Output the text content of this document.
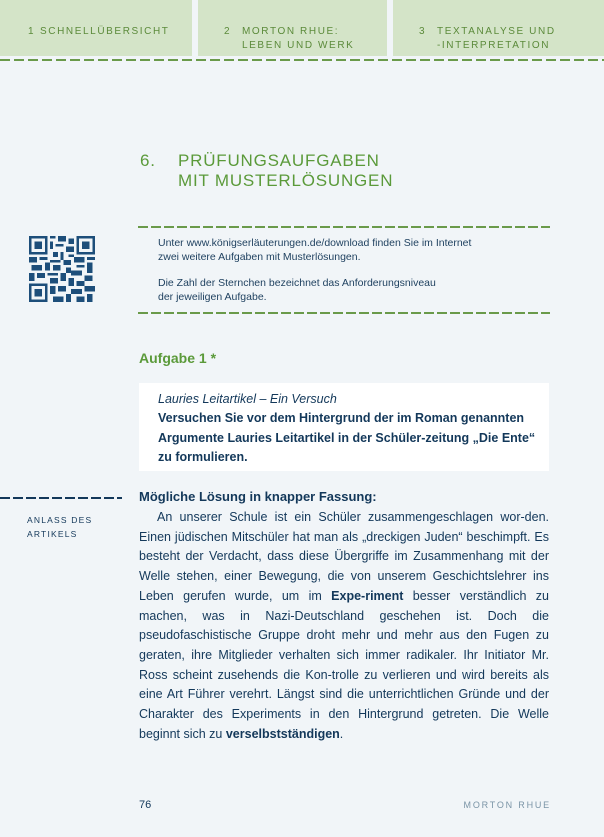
1 SCHNELLÜBERSICHT	2 MORTON RHUE:
LEBEN UND WERK
3 TEXTANALYSE UND
-INTERPRETATION
6. PRÜFUNGSAUFGABEN
MIT MUSTERLÖSUNGEN
Unter www.königserläuterungen.de/download finden Sie im Internet
zwei weitere Aufgaben mit Musterlösungen.
Die Zahl der Sternchen bezeichnet das Anforderungsniveau
der jeweiligen Aufgabe.
Aufgabe 1 *
Lauries Leitartikel – Ein Versuch
Versuchen Sie vor dem Hintergrund der im Roman genannten Argumente Lauries Leitartikel in der Schüler-zeitung „Die Ente“ zu formulieren.
ANLASS DES
ARTIKELS
Mögliche Lösung in knapper Fassung:
An unserer Schule ist ein Schüler zusammengeschlagen wor-den. Einen jüdischen Mitschüler hat man als „dreckigen Juden“ beschimpft. Es besteht der Verdacht, dass diese Übergriffe im Zusammenhang mit der Welle stehen, einer Bewegung, die von unserem Geschichtslehrer ins Leben gerufen wurde, um im Expe-riment besser verständlich zu machen, was in Nazi-Deutschland geschehen ist. Doch die pseudofaschistische Gruppe droht mehr und mehr aus den Fugen zu geraten, ihre Mitglieder verhalten sich immer radikaler. Ihr Initiator Mr. Ross scheint zusehends die Kon-trolle zu verlieren und wird bereits als eine Art Führer verehrt. Längst sind die unterrichtlichen Gründe und der Charakter des Experiments in den Hintergrund getreten. Die Welle beginnt sich zu verselbstständigen.
76	MORTON RHUE
